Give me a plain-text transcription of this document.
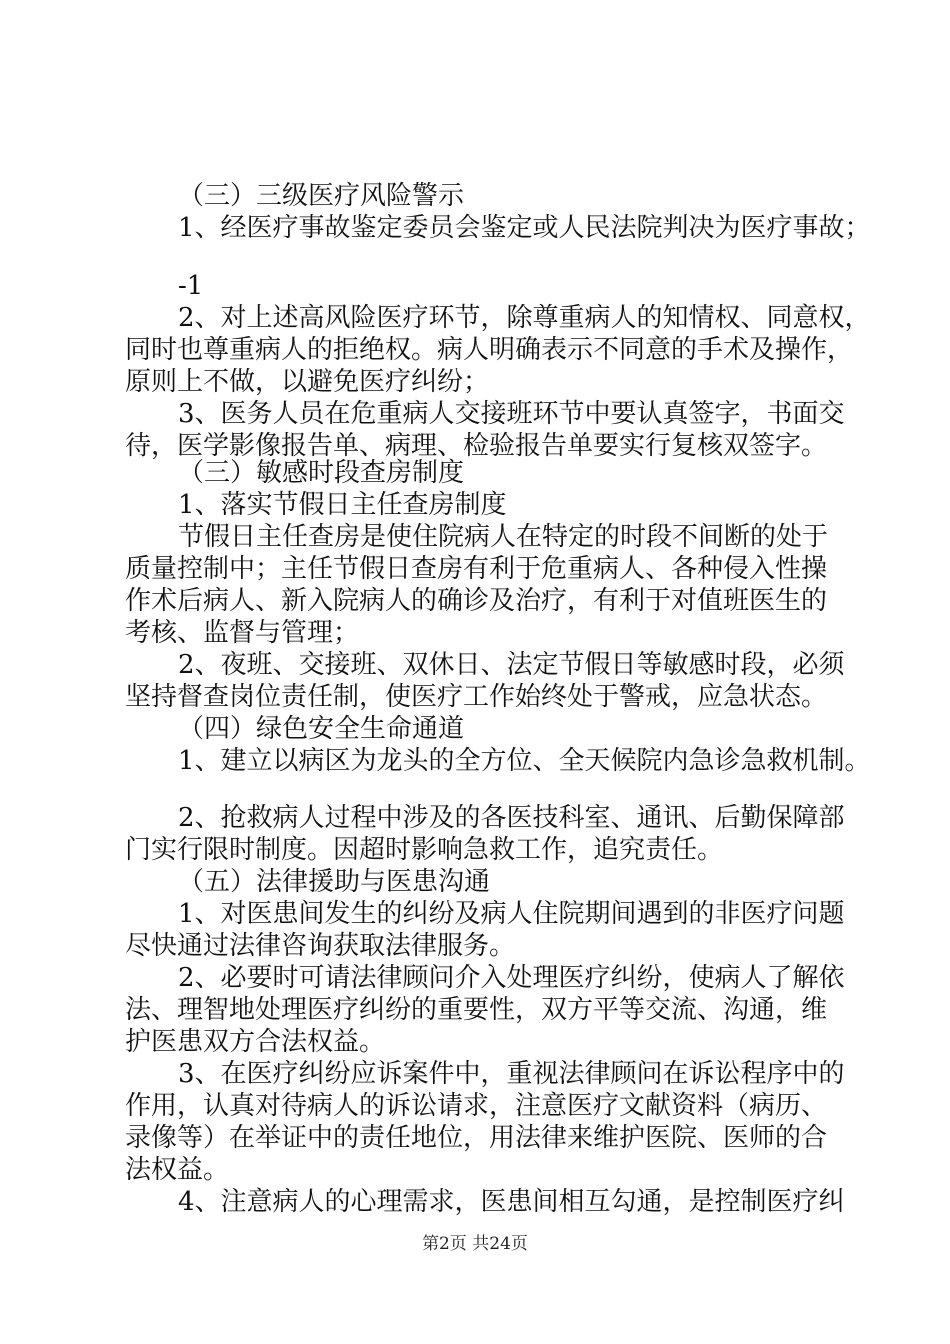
（三）三级医疗风险警示
1、经医疗事故鉴定委员会鉴定或人民法院判决为医疗事故；
-1
2、对上述高风险医疗环节，除尊重病人的知情权、同意权，
同时也尊重病人的拒绝权。病人明确表示不同意的手术及操作，
原则上不做，以避免医疗纠纷；
3、医务人员在危重病人交接班环节中要认真签字，书面交
待，医学影像报告单、病理、检验报告单要实行复核双签字。
（三）敏感时段查房制度
1、落实节假日主任查房制度
节假日主任查房是使住院病人在特定的时段不间断的处于
质量控制中；主任节假日查房有利于危重病人、各种侵入性操
作术后病人、新入院病人的确诊及治疗，有利于对值班医生的
考核、监督与管理；
2、夜班、交接班、双休日、法定节假日等敏感时段，必须
坚持督查岗位责任制，使医疗工作始终处于警戒，应急状态。
（四）绿色安全生命通道
1、建立以病区为龙头的全方位、全天候院内急诊急救机制。
2、抢救病人过程中涉及的各医技科室、通讯、后勤保障部
门实行限时制度。因超时影响急救工作，追究责任。
（五）法律援助与医患沟通
1、对医患间发生的纠纷及病人住院期间遇到的非医疗问题
尽快通过法律咨询获取法律服务。
2、必要时可请法律顾问介入处理医疗纠纷，使病人了解依
法、理智地处理医疗纠纷的重要性，双方平等交流、沟通，维
护医患双方合法权益。
3、在医疗纠纷应诉案件中，重视法律顾问在诉讼程序中的
作用，认真对待病人的诉讼请求，注意医疗文献资料（病历、
录像等）在举证中的责任地位，用法律来维护医院、医师的合
法权益。
4、注意病人的心理需求，医患间相互勾通，是控制医疗纠
第2页 共24页
